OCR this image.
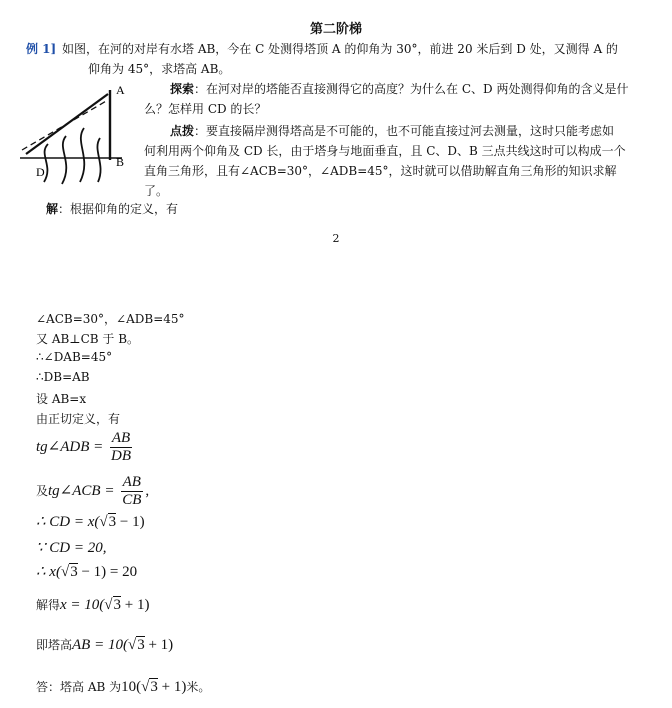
第二阶梯
例 1] 如图，在河的对岸有水塔 AB，今在 C 处测得塔顶 A 的仰角为 30°，前进 20 米后到 D 处，又测得 A 的
仰角为 45°，求塔高 AB。
A
B
D
探索：在河对岸的塔能否直接测得它的高度？为什么在 C、D 两处测得仰角的含义是什
么？怎样用 CD 的长？
点拨：要直接隔岸测得塔高是不可能的，也不可能直接过河去测量，这时只能考虑如
何利用两个仰角及 CD 长，由于塔身与地面垂直，且 C、D、B 三点共线这时可以构成一个
直角三角形，且有∠ACB=30°，∠ADB=45°，这时就可以借助解直角三角形的知识求解
了。
解：根据仰角的定义，有
2
∠ACB=30°，∠ADB=45°
又 AB⊥CB 于 B。
∴∠DAB=45°
∴DB=AB
设 AB=x
由正切定义，有
tg∠ADB = $\frac{AB}{DB}$
及tg∠ACB = $\frac{AB}{CB}$ ,
∴ CD = x(√3 − 1)
∵ CD = 20,
∴ x(√3 − 1) = 20
解得x = 10(√3 + 1)
即塔高AB = 10(√3 + 1)
答：塔高 AB 为10(√3 + 1)米。
